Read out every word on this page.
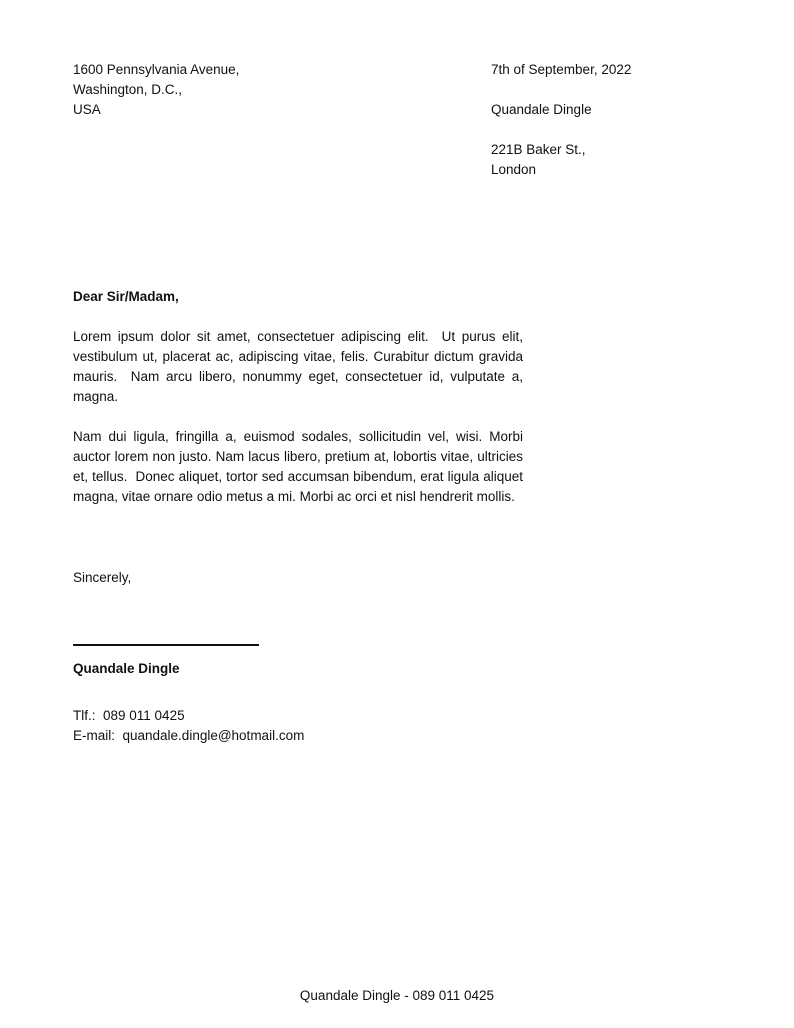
1600 Pennsylvania Avenue,
Washington, D.C.,
USA
7th of September, 2022
Quandale Dingle
221B Baker St.,
London

Dear Sir/Madam,

Lorem ipsum dolor sit amet, consectetuer adipiscing elit. Ut purus elit, vestibulum ut, placerat ac, adipiscing vitae, felis. Curabitur dictum gravida mauris. Nam arcu libero, nonummy eget, consectetuer id, vulputate a, magna.

Nam dui ligula, fringilla a, euismod sodales, sollicitudin vel, wisi. Morbi auctor lorem non justo. Nam lacus libero, pretium at, lobortis vitae, ultricies et, tellus. Donec aliquet, tortor sed accumsan bibendum, erat ligula aliquet magna, vitae ornare odio metus a mi. Morbi ac orci et nisl hendrerit mollis.

Sincerely,

Quandale Dingle

Tlf.:  089 011 0425
E-mail:  quandale.dingle@hotmail.com
Quandale Dingle - 089 011 0425
